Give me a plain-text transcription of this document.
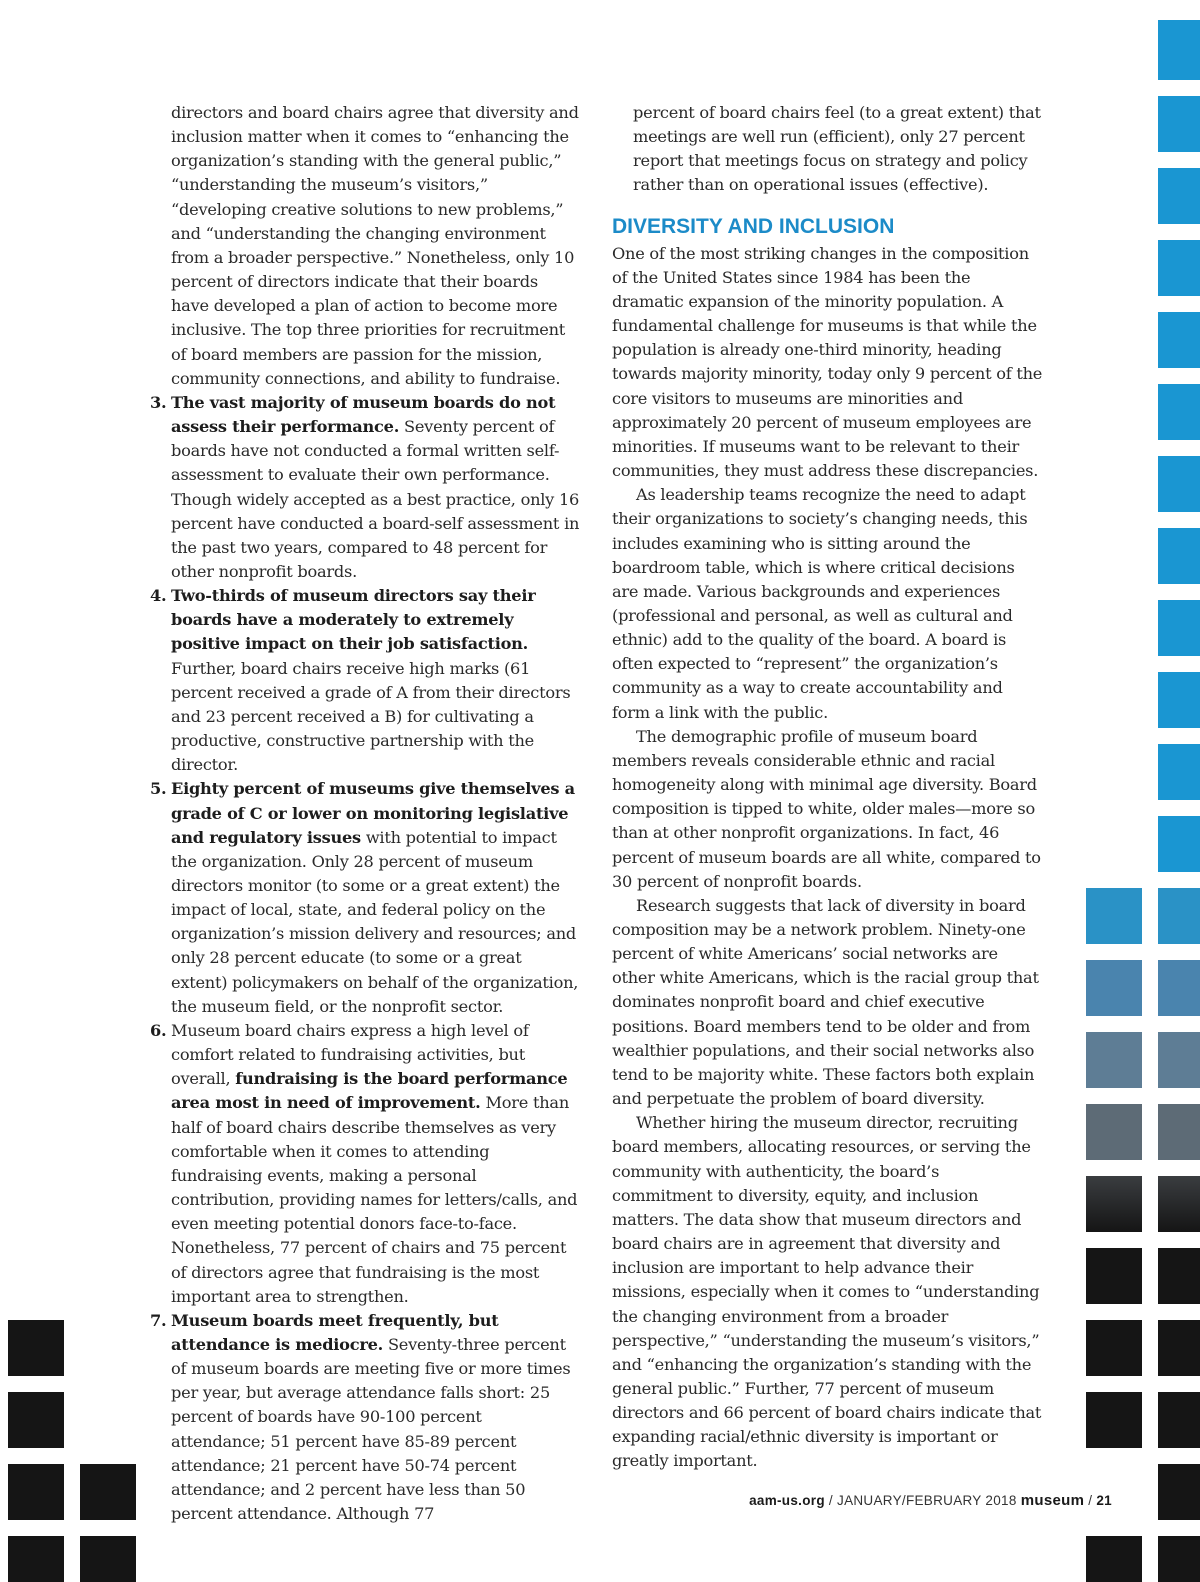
directors and board chairs agree that diversity and inclusion matter when it comes to “enhancing the organization’s standing with the general public,” “understanding the museum’s visitors,” “developing creative solutions to new problems,” and “understanding the changing environment from a broader perspective.” Nonetheless, only 10 percent of directors indicate that their boards have developed a plan of action to become more inclusive. The top three priorities for recruitment of board members are passion for the mission, community connections, and ability to fundraise.

3. The vast majority of museum boards do not assess their performance. Seventy percent of boards have not conducted a formal written self-assessment to evaluate their own performance. Though widely accepted as a best practice, only 16 percent have conducted a board-self assessment in the past two years, compared to 48 percent for other nonprofit boards.

4. Two-thirds of museum directors say their boards have a moderately to extremely positive impact on their job satisfaction. Further, board chairs receive high marks (61 percent received a grade of A from their directors and 23 percent received a B) for cultivating a productive, constructive partnership with the director.

5. Eighty percent of museums give themselves a grade of C or lower on monitoring legislative and regulatory issues with potential to impact the organization. Only 28 percent of museum directors monitor (to some or a great extent) the impact of local, state, and federal policy on the organization’s mission delivery and resources; and only 28 percent educate (to some or a great extent) policymakers on behalf of the organization, the museum field, or the nonprofit sector.

6. Museum board chairs express a high level of comfort related to fundraising activities, but overall, fundraising is the board performance area most in need of improvement. More than half of board chairs describe themselves as very comfortable when it comes to attending fundraising events, making a personal contribution, providing names for letters/calls, and even meeting potential donors face-to-face. Nonetheless, 77 percent of chairs and 75 percent of directors agree that fundraising is the most important area to strengthen.

7. Museum boards meet frequently, but attendance is mediocre. Seventy-three percent of museum boards are meeting five or more times per year, but average attendance falls short: 25 percent of boards have 90-100 percent attendance; 51 percent have 85-89 percent attendance; 21 percent have 50-74 percent attendance; and 2 percent have less than 50 percent attendance. Although 77

percent of board chairs feel (to a great extent) that meetings are well run (efficient), only 27 percent report that meetings focus on strategy and policy rather than on operational issues (effective).

DIVERSITY AND INCLUSION

One of the most striking changes in the composition of the United States since 1984 has been the dramatic expansion of the minority population. A fundamental challenge for museums is that while the population is already one-third minority, heading towards majority minority, today only 9 percent of the core visitors to museums are minorities and approximately 20 percent of museum employees are minorities. If museums want to be relevant to their communities, they must address these discrepancies.

As leadership teams recognize the need to adapt their organizations to society’s changing needs, this includes examining who is sitting around the boardroom table, which is where critical decisions are made. Various backgrounds and experiences (professional and personal, as well as cultural and ethnic) add to the quality of the board. A board is often expected to “represent” the organization’s community as a way to create accountability and form a link with the public.

The demographic profile of museum board members reveals considerable ethnic and racial homogeneity along with minimal age diversity. Board composition is tipped to white, older males—more so than at other nonprofit organizations. In fact, 46 percent of museum boards are all white, compared to 30 percent of nonprofit boards.

Research suggests that lack of diversity in board composition may be a network problem. Ninety-one percent of white Americans’ social networks are other white Americans, which is the racial group that dominates nonprofit board and chief executive positions. Board members tend to be older and from wealthier populations, and their social networks also tend to be majority white. These factors both explain and perpetuate the problem of board diversity.

Whether hiring the museum director, recruiting board members, allocating resources, or serving the community with authenticity, the board’s commitment to diversity, equity, and inclusion matters. The data show that museum directors and board chairs are in agreement that diversity and inclusion are important to help advance their missions, especially when it comes to “understanding the changing environment from a broader perspective,” “understanding the museum’s visitors,” and “enhancing the organization’s standing with the general public.” Further, 77 percent of museum directors and 66 percent of board chairs indicate that expanding racial/ethnic diversity is important or greatly important.

aam-us.org / JANUARY/FEBRUARY 2018 museum / 21
